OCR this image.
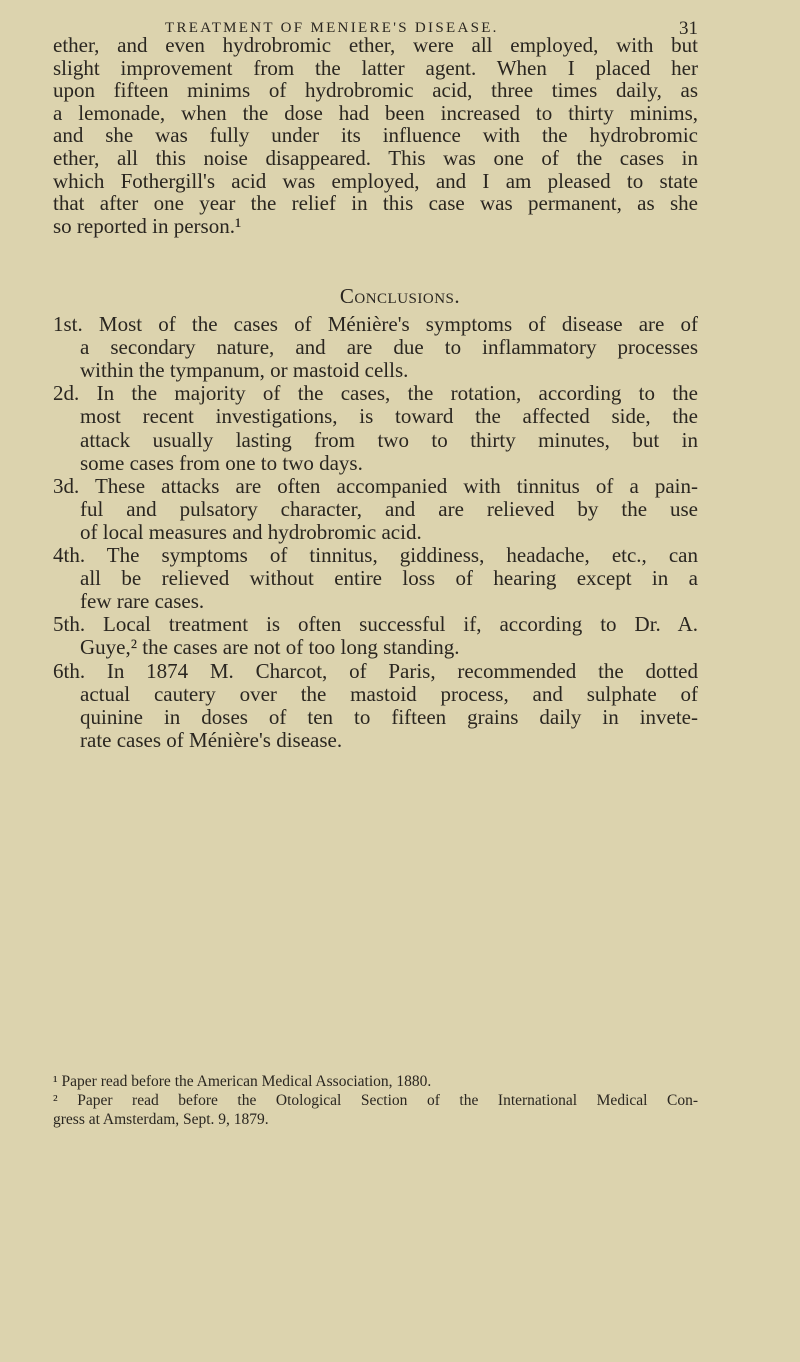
TREATMENT OF MENIERE'S DISEASE.	31
ether, and even hydrobromic ether, were all employed, with but
slight improvement from the latter agent. When I placed her
upon fifteen minims of hydrobromic acid, three times daily, as
a lemonade, when the dose had been increased to thirty minims,
and she was fully under its influence with the hydrobromic
ether, all this noise disappeared. This was one of the cases in
which Fothergill's acid was employed, and I am pleased to state
that after one year the relief in this case was permanent, as she
so reported in person.¹
Conclusions.
1st. Most of the cases of Ménière's symptoms of disease are of
a secondary nature, and are due to inflammatory processes
within the tympanum, or mastoid cells.
2d. In the majority of the cases, the rotation, according to the
most recent investigations, is toward the affected side, the
attack usually lasting from two to thirty minutes, but in
some cases from one to two days.
3d. These attacks are often accompanied with tinnitus of a pain-
ful and pulsatory character, and are relieved by the use
of local measures and hydrobromic acid.
4th. The symptoms of tinnitus, giddiness, headache, etc., can
all be relieved without entire loss of hearing except in a
few rare cases.
5th. Local treatment is often successful if, according to Dr. A.
Guye,² the cases are not of too long standing.
6th. In 1874 M. Charcot, of Paris, recommended the dotted
actual cautery over the mastoid process, and sulphate of
quinine in doses of ten to fifteen grains daily in invete-
rate cases of Ménière's disease.
¹ Paper read before the American Medical Association, 1880.
² Paper read before the Otological Section of the International Medical Con-
gress at Amsterdam, Sept. 9, 1879.
